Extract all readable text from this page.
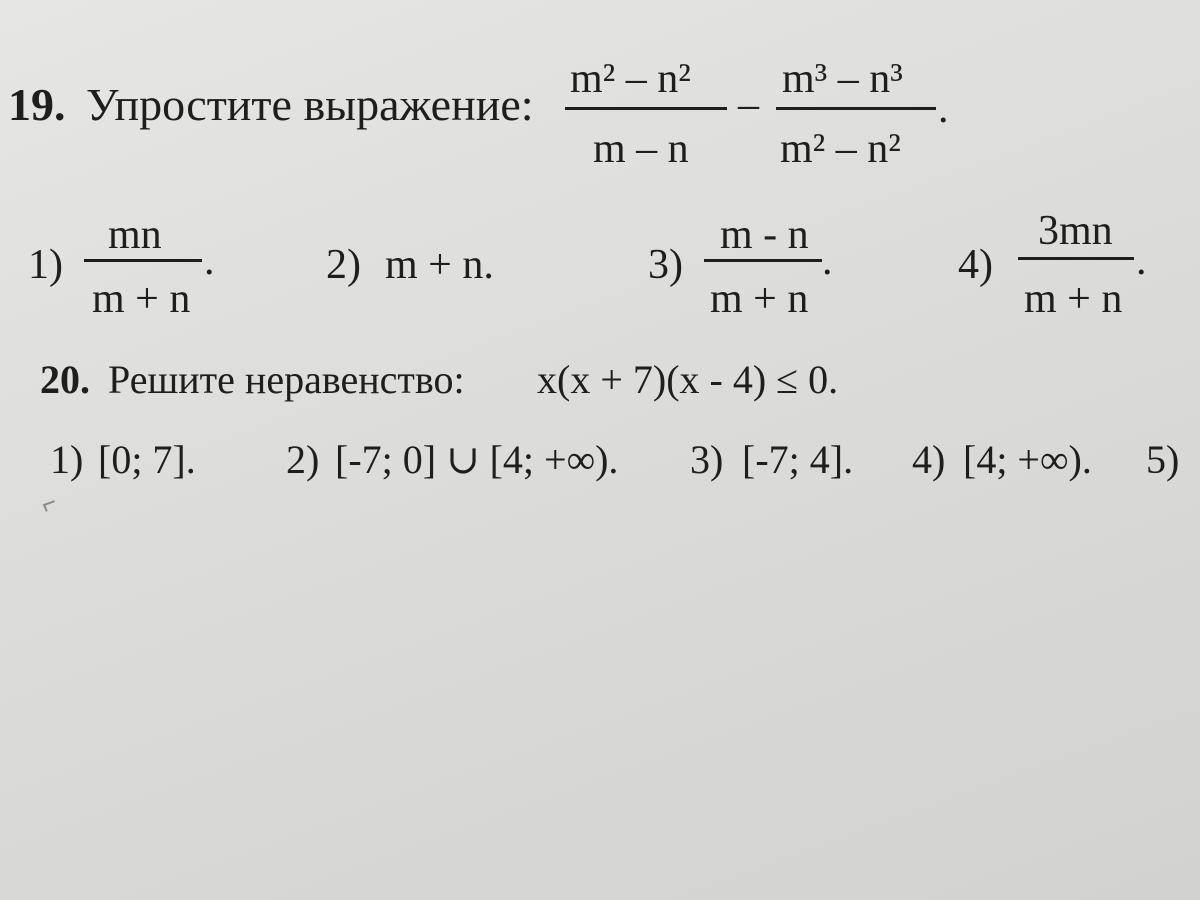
19. Упростите выражение: m² – n²
m – n
–
m³ – n³
m² – n²
.
1)
mn
m + n
.	2) m + n.	3)
m - n
m + n
.	4)
3mn
m + n
.
20. Решите неравенство: x(x + 7)(x - 4) ≤ 0.
1) [0; 7]. 2) [-7; 0] ∪ [4; +∞). 3) [-7; 4]. 4) [4; +∞). 5)
